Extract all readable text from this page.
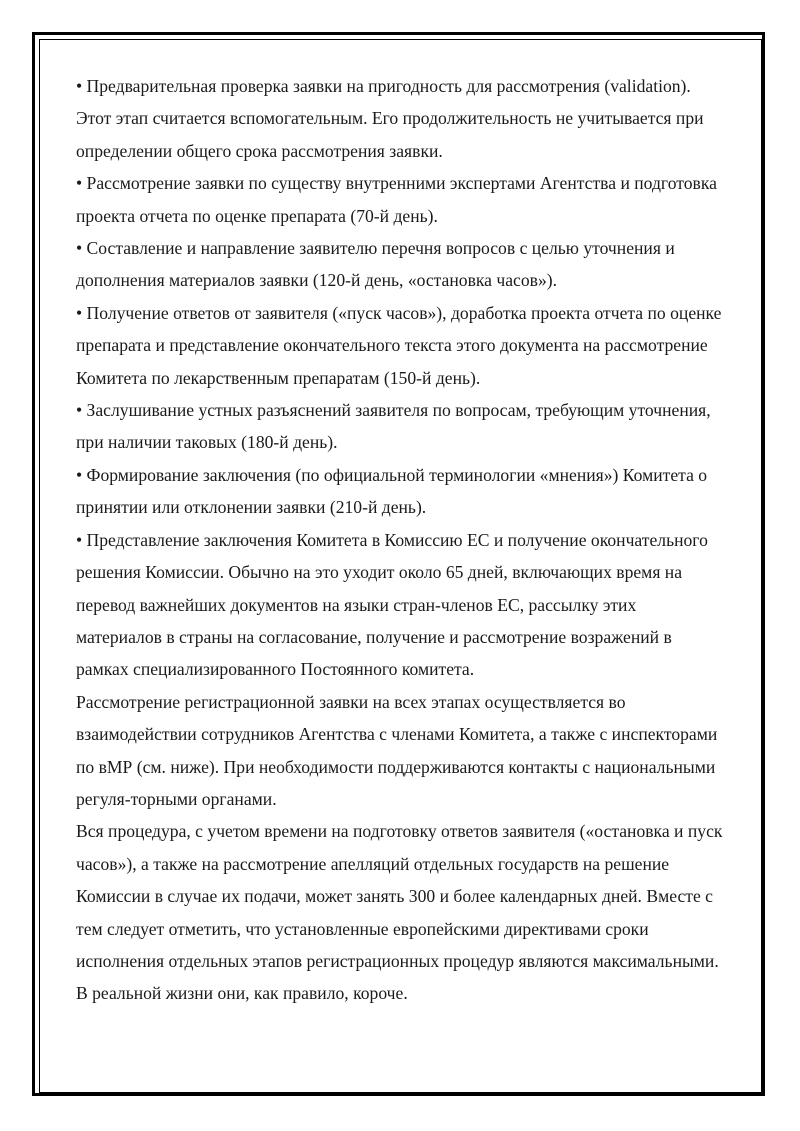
• Предварительная проверка заявки на пригодность для рассмотрения (validation). Этот этап считается вспомогательным. Его продолжительность не учитывается при определении общего срока рассмотрения заявки.

• Рассмотрение заявки по существу внутренними экспертами Агентства и подготовка проекта отчета по оценке препарата (70-й день).

• Составление и направление заявителю перечня вопросов с целью уточнения и дополнения материалов заявки (120-й день, «остановка часов»).

• Получение ответов от заявителя («пуск часов»), доработка проекта отчета по оценке препарата и представление окончательного текста этого документа на рассмотрение Комитета по лекарственным препаратам (150-й день).

• Заслушивание устных разъяснений заявителя по вопросам, требующим уточнения, при наличии таковых (180-й день).

• Формирование заключения (по официальной терминологии «мнения») Комитета о принятии или отклонении заявки (210-й день).

• Представление заключения Комитета в Комиссию ЕС и получение окончательного решения Комиссии. Обычно на это уходит около 65 дней, включающих время на перевод важнейших документов на языки стран-членов ЕС, рассылку этих материалов в страны на согласование, получение и рассмотрение возражений в рамках специализированного Постоянного комитета.

Рассмотрение регистрационной заявки на всех этапах осуществляется во взаимодействии сотрудников Агентства с членами Комитета, а также с инспекторами по вМР (см. ниже). При необходимости поддерживаются контакты с национальными регуля-торными органами.

Вся процедура, с учетом времени на подготовку ответов заявителя («остановка и пуск часов»), а также на рассмотрение апелляций отдельных государств на решение Комиссии в случае их подачи, может занять 300 и более календарных дней. Вместе с тем следует отметить, что установленные европейскими директивами сроки исполнения отдельных этапов регистрационных процедур являются максимальными. В реальной жизни они, как правило, короче.
